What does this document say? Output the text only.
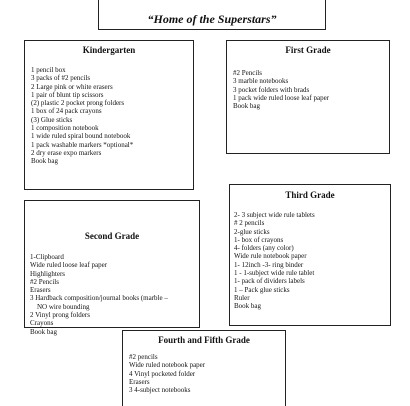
“Home of the Superstars”
Kindergarten
1 pencil box
3 packs of #2 pencils
2 Large pink or white erasers
1 pair of blunt tip scissors
(2) plastic 2 pocket prong folders
1 box of 24 pack crayons
(3) Glue sticks
1 composition notebook
1 wide ruled spiral bound notebook
1 pack washable markers *optional*
2 dry erase expo markers
Book bag
First Grade
#2 Pencils
3 marble notebooks
3 pocket folders with brads
1 pack wide ruled loose leaf paper
Book bag
Second Grade
1-Clipboard
Wide ruled loose leaf paper
Highlighters
#2 Pencils
Erasers
3 Hardback composition/journal books (marble –
NO wire bounding
2 Vinyl prong folders
Crayons
Book bag
Third Grade
2- 3 subject wide rule tablets
# 2 pencils
2-glue sticks
1- box of crayons
4- folders (any color)
Wide rule notebook paper
1- 12inch -3- ring binder
1 - 1-subject wide rule tablet
1- pack of dividers labels
1 – Pack glue sticks
Ruler
Book bag
Fourth and Fifth Grade
#2 pencils
Wide ruled notebook paper
4 Vinyl pocketed folder
Erasers
3 4-subject notebooks
